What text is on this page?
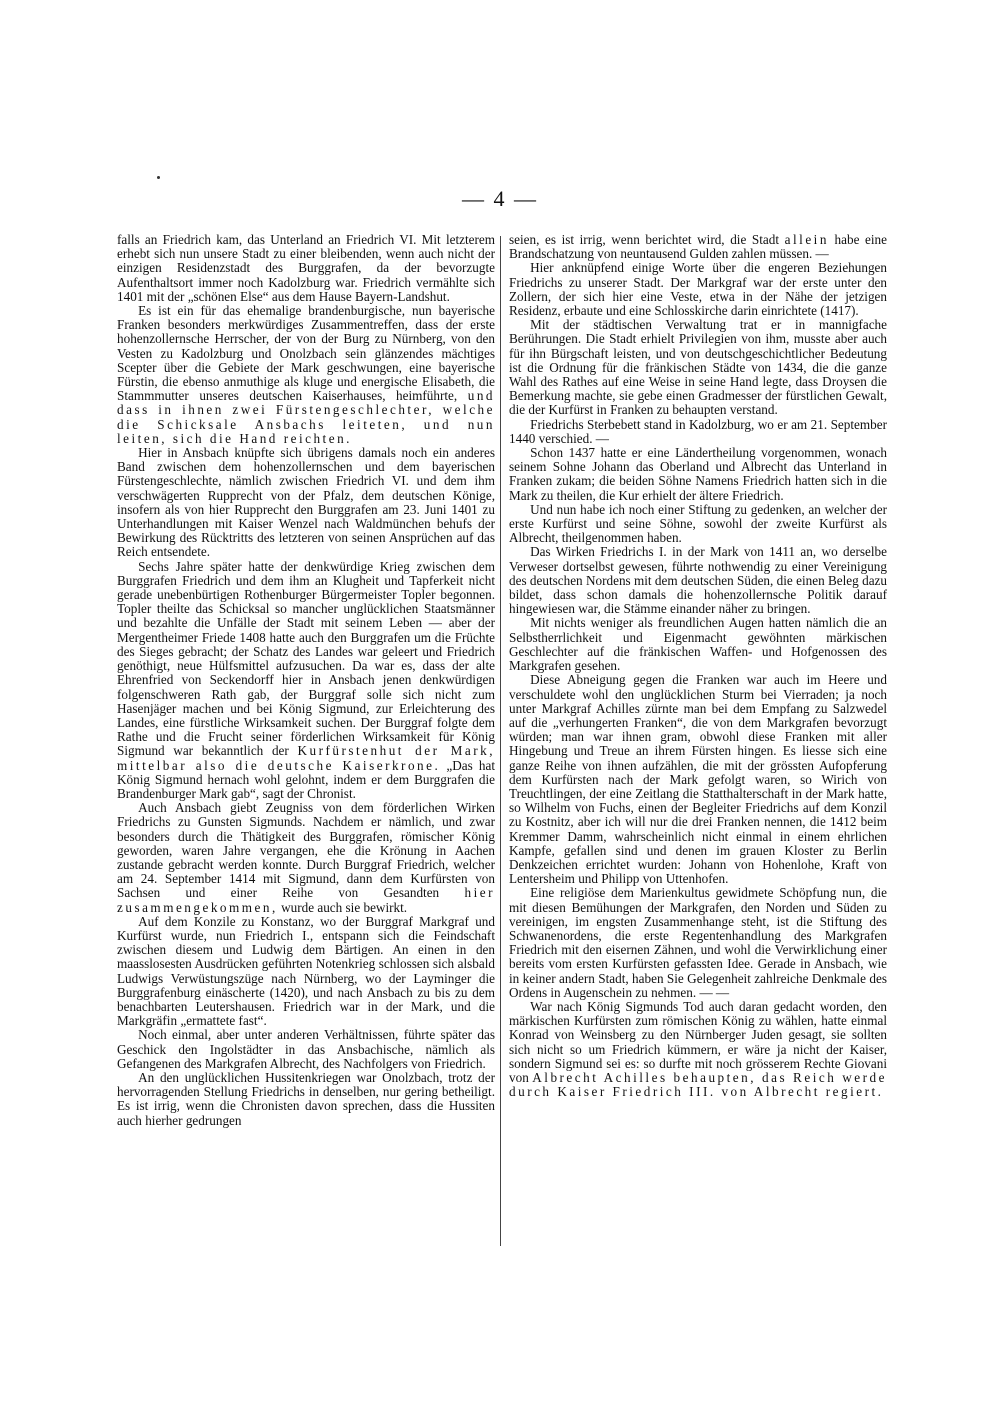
— 4 —

falls an Friedrich kam, das Unterland an Friedrich VI. Mit letzterem erhebt sich nun unsere Stadt zu einer bleibenden, wenn auch nicht der einzigen Residenzstadt des Burggrafen, da der bevorzugte Aufenthaltsort immer noch Kadolzburg war. Friedrich vermählte sich 1401 mit der „schönen Else“ aus dem Hause Bayern-Landshut.

Es ist ein für das ehemalige brandenburgische, nun bayerische Franken besonders merkwürdiges Zusammentreffen, dass der erste hohenzollernsche Herrscher, der von der Burg zu Nürnberg, von den Vesten zu Kadolzburg und Onolzbach sein glänzendes mächtiges Scepter über die Gebiete der Mark geschwungen, eine bayerische Fürstin, die ebenso anmuthige als kluge und energische Elisabeth, die Stammmutter unseres deutschen Kaiserhauses, heimführte, und dass in ihnen zwei Fürstengeschlechter, welche die Schicksale Ansbachs leiteten, und nun leiten, sich die Hand reichten.

Hier in Ansbach knüpfte sich übrigens damals noch ein anderes Band zwischen dem hohenzollernschen und dem bayerischen Fürstengeschlechte, nämlich zwischen Friedrich VI. und dem ihm verschwägerten Rupprecht von der Pfalz, dem deutschen Könige, insofern als von hier Rupprecht den Burggrafen am 23. Juni 1401 zu Unterhandlungen mit Kaiser Wenzel nach Waldmünchen behufs der Bewirkung des Rücktritts des letzteren von seinen Ansprüchen auf das Reich entsendete.

Sechs Jahre später hatte der denkwürdige Krieg zwischen dem Burggrafen Friedrich und dem ihm an Klugheit und Tapferkeit nicht gerade unebenbürtigen Rothenburger Bürgermeister Topler begonnen. Topler theilte das Schicksal so mancher unglücklichen Staatsmänner und bezahlte die Unfälle der Stadt mit seinem Leben — aber der Mergentheimer Friede 1408 hatte auch den Burggrafen um die Früchte des Sieges gebracht; der Schatz des Landes war geleert und Friedrich genöthigt, neue Hülfsmittel aufzusuchen. Da war es, dass der alte Ehrenfried von Seckendorff hier in Ansbach jenen denkwürdigen folgenschweren Rath gab, der Burggraf solle sich nicht zum Hasenjäger machen und bei König Sigmund, zur Erleichterung des Landes, eine fürstliche Wirksamkeit suchen. Der Burggraf folgte dem Rathe und die Frucht seiner förderlichen Wirksamkeit für König Sigmund war bekanntlich der Kurfürstenhut der Mark, mittelbar also die deutsche Kaiserkrone. „Das hat König Sigmund hernach wohl gelohnt, indem er dem Burggrafen die Brandenburger Mark gab“, sagt der Chronist.

Auch Ansbach giebt Zeugniss von dem förderlichen Wirken Friedrichs zu Gunsten Sigmunds. Nachdem er nämlich, und zwar besonders durch die Thätigkeit des Burggrafen, römischer König geworden, waren Jahre vergangen, ehe die Krönung in Aachen zustande gebracht werden konnte. Durch Burggraf Friedrich, welcher am 24. September 1414 mit Sigmund, dann dem Kurfürsten von Sachsen und einer Reihe von Gesandten hier zusammengekommen, wurde auch sie bewirkt.

Auf dem Konzile zu Konstanz, wo der Burggraf Markgraf und Kurfürst wurde, nun Friedrich I., entspann sich die Feindschaft zwischen diesem und Ludwig dem Bärtigen. An einen in den maasslosesten Ausdrücken geführten Notenkrieg schlossen sich alsbald Ludwigs Verwüstungszüge nach Nürnberg, wo der Layminger die Burggrafenburg einäscherte (1420), und nach Ansbach zu bis zu dem benachbarten Leutershausen. Friedrich war in der Mark, und die Markgräfin „ermattete fast“.

Noch einmal, aber unter anderen Verhältnissen, führte später das Geschick den Ingolstädter in das Ansbachische, nämlich als Gefangenen des Markgrafen Albrecht, des Nachfolgers von Friedrich.

An den unglücklichen Hussitenkriegen war Onolzbach, trotz der hervorragenden Stellung Friedrichs in denselben, nur gering betheiligt. Es ist irrig, wenn die Chronisten davon sprechen, dass die Hussiten auch hierher gedrungen

seien, es ist irrig, wenn berichtet wird, die Stadt allein habe eine Brandschatzung von neuntausend Gulden zahlen müssen. —

Hier anknüpfend einige Worte über die engeren Beziehungen Friedrichs zu unserer Stadt. Der Markgraf war der erste unter den Zollern, der sich hier eine Veste, etwa in der Nähe der jetzigen Residenz, erbaute und eine Schlosskirche darin einrichtete (1417).

Mit der städtischen Verwaltung trat er in mannigfache Berührungen. Die Stadt erhielt Privilegien von ihm, musste aber auch für ihn Bürgschaft leisten, und von deutschgeschichtlicher Bedeutung ist die Ordnung für die fränkischen Städte von 1434, die die ganze Wahl des Rathes auf eine Weise in seine Hand legte, dass Droysen die Bemerkung machte, sie gebe einen Gradmesser der fürstlichen Gewalt, die der Kurfürst in Franken zu behaupten verstand.

Friedrichs Sterbebett stand in Kadolzburg, wo er am 21. September 1440 verschied. —

Schon 1437 hatte er eine Ländertheilung vorgenommen, wonach seinem Sohne Johann das Oberland und Albrecht das Unterland in Franken zukam; die beiden Söhne Namens Friedrich hatten sich in die Mark zu theilen, die Kur erhielt der ältere Friedrich.

Und nun habe ich noch einer Stiftung zu gedenken, an welcher der erste Kurfürst und seine Söhne, sowohl der zweite Kurfürst als Albrecht, theilgenommen haben.

Das Wirken Friedrichs I. in der Mark von 1411 an, wo derselbe Verweser dortselbst gewesen, führte nothwendig zu einer Vereinigung des deutschen Nordens mit dem deutschen Süden, die einen Beleg dazu bildet, dass schon damals die hohenzollernsche Politik darauf hingewiesen war, die Stämme einander näher zu bringen.

Mit nichts weniger als freundlichen Augen hatten nämlich die an Selbstherrlichkeit und Eigenmacht gewöhnten märkischen Geschlechter auf die fränkischen Waffen- und Hofgenossen des Markgrafen gesehen.

Diese Abneigung gegen die Franken war auch im Heere und verschuldete wohl den unglücklichen Sturm bei Vierraden; ja noch unter Markgraf Achilles zürnte man bei dem Empfang zu Salzwedel auf die „verhungerten Franken“, die von dem Markgrafen bevorzugt würden; man war ihnen gram, obwohl diese Franken mit aller Hingebung und Treue an ihrem Fürsten hingen. Es liesse sich eine ganze Reihe von ihnen aufzählen, die mit der grössten Aufopferung dem Kurfürsten nach der Mark gefolgt waren, so Wirich von Treuchtlingen, der eine Zeitlang die Statthalterschaft in der Mark hatte, so Wilhelm von Fuchs, einen der Begleiter Friedrichs auf dem Konzil zu Kostnitz, aber ich will nur die drei Franken nennen, die 1412 beim Kremmer Damm, wahrscheinlich nicht einmal in einem ehrlichen Kampfe, gefallen sind und denen im grauen Kloster zu Berlin Denkzeichen errichtet wurden: Johann von Hohenlohe, Kraft von Lentersheim und Philipp von Uttenhofen.

Eine religiöse dem Marienkultus gewidmete Schöpfung nun, die mit diesen Bemühungen der Markgrafen, den Norden und Süden zu vereinigen, im engsten Zusammenhange steht, ist die Stiftung des Schwanenordens, die erste Regentenhandlung des Markgrafen Friedrich mit den eisernen Zähnen, und wohl die Verwirklichung einer bereits vom ersten Kurfürsten gefassten Idee. Gerade in Ansbach, wie in keiner andern Stadt, haben Sie Gelegenheit zahlreiche Denkmale des Ordens in Augenschein zu nehmen. — —

War nach König Sigmunds Tod auch daran gedacht worden, den märkischen Kurfürsten zum römischen König zu wählen, hatte einmal Konrad von Weinsberg zu den Nürnberger Juden gesagt, sie sollten sich nicht so um Friedrich kümmern, er wäre ja nicht der Kaiser, sondern Sigmund sei es: so durfte mit noch grösserem Rechte Giovani von Albrecht Achilles behaupten, das Reich werde durch Kaiser Friedrich III. von Albrecht regiert.
